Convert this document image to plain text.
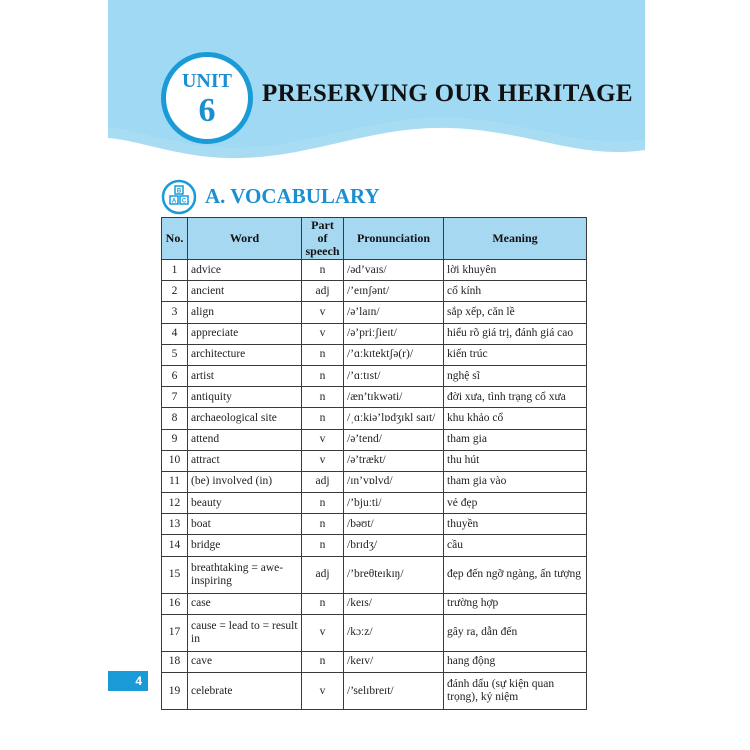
UNIT
6	PRESERVING OUR HERITAGE
B
A C A. VOCABULARY
No.	Word	Part of speech	Pronunciation	Meaning
1	advice	n	/əd’vaɪs/	lời khuyên
2	ancient	adj	/’eɪnʃənt/	cổ kính
3	align	v	/ə’laɪn/	sắp xếp, căn lề
4	appreciate	v	/ə’priːʃieɪt/	hiểu rõ giá trị, đánh giá cao
5	architecture	n	/’ɑːkɪtektʃə(r)/	kiến trúc
6	artist	n	/’ɑːtɪst/	nghệ sĩ
7	antiquity	n	/æn’tɪkwəti/	đời xưa, tình trạng cổ xưa
8	archaeological site	n	/ˌɑːkiə’lɒdʒɪkl saɪt/	khu khảo cổ
9	attend	v	/ə’tend/	tham gia
10	attract	v	/ə’trækt/	thu hút
11	(be) involved (in)	adj	/ɪn’vɒlvd/	tham gia vào
12	beauty	n	/’bjuːti/	vẻ đẹp
13	boat	n	/bəʊt/	thuyền
14	bridge	n	/brɪdʒ/	cầu
15	breathtaking = awe-inspiring	adj	/’breθteɪkɪŋ/	đẹp đến ngỡ ngàng, ấn tượng
16	case	n	/keɪs/	trường hợp
17	cause = lead to = result in	v	/kɔːz/	gây ra, dẫn đến
18	cave	n	/keɪv/	hang động
19	celebrate	v	/’selɪbreɪt/	đánh dấu (sự kiện quan trọng), kỷ niệm
4
